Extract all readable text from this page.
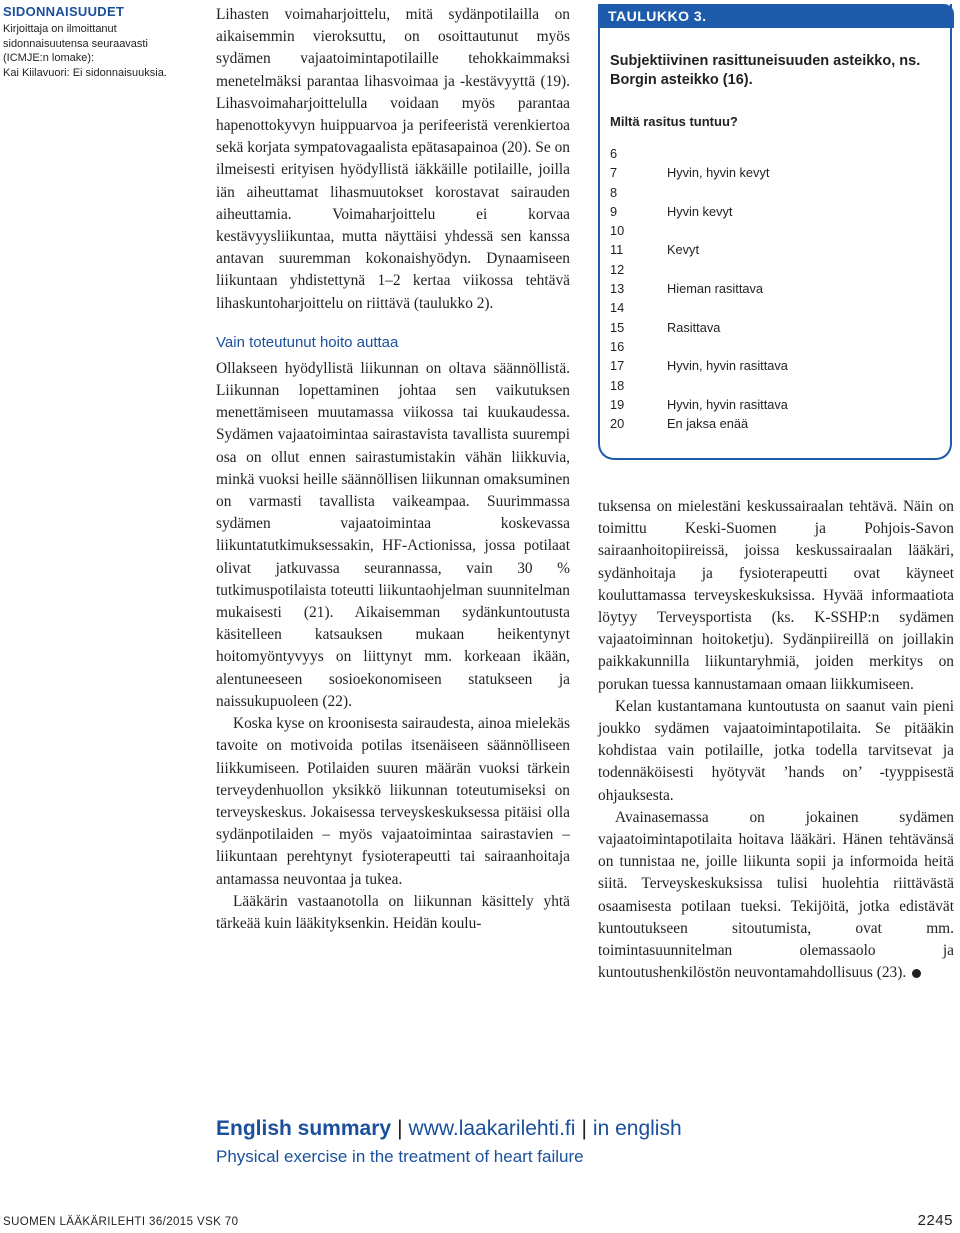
SIDONNAISUUDET
Kirjoittaja on ilmoittanut
sidonnaisuutensa seuraavasti
(ICMJE:n lomake):
Kai Kiilavuori: Ei sidonnaisuuksia.

Lihasten voimaharjoittelu, mitä sydänpotilailla on aikaisemmin vieroksuttu, on osoittautunut myös sydämen vajaatoimintapotilaille tehokkaimmaksi menetelmäksi parantaa lihasvoimaa ja -kestävyyttä (19). Lihasvoimaharjoittelulla voidaan myös parantaa hapenottokyvyn huippuarvoa ja perifeeristä verenkiertoa sekä korjata sympatovagaalista epätasapainoa (20). Se on ilmeisesti erityisen hyödyllistä iäkkäille potilaille, joilla iän aiheuttamat lihasmuutokset korostavat sairauden aiheuttamia. Voimaharjoittelu ei korvaa kestävyysliikuntaa, mutta näyttäisi yhdessä sen kanssa antavan suuremman kokonaishyödyn. Dynaamiseen liikuntaan yhdistettynä 1–2 kertaa viikossa tehtävä lihaskuntoharjoittelu on riittävä (taulukko 2).

Vain toteutunut hoito auttaa

Ollakseen hyödyllistä liikunnan on oltava säännöllistä. Liikunnan lopettaminen johtaa sen vaikutuksen menettämiseen muutamassa viikossa tai kuukaudessa. Sydämen vajaatoimintaa sairastavista tavallista suurempi osa on ollut ennen sairastumistakin vähän liikkuvia, minkä vuoksi heille säännöllisen liikunnan omaksuminen on varmasti tavallista vaikeampaa. Suurimmassa sydämen vajaatoimintaa koskevassa liikuntatutkimuksessakin, HF-Actionissa, jossa potilaat olivat jatkuvassa seurannassa, vain 30 % tutkimuspotilaista toteutti liikuntaohjelman suunnitelman mukaisesti (21). Aikaisemman sydänkuntoutusta käsitelleen katsauksen mukaan heikentynyt hoitomyöntyvyys on liittynyt mm. korkeaan ikään, alentuneeseen sosioekonomiseen statukseen ja naissukupuoleen (22).

Koska kyse on kroonisesta sairaudesta, ainoa mielekäs tavoite on motivoida potilas itsenäiseen säännölliseen liikkumiseen. Potilaiden suuren määrän vuoksi tärkein terveydenhuollon yksikkö liikunnan toteutumiseksi on terveyskeskus. Jokaisessa terveyskeskuksessa pitäisi olla sydänpotilaiden – myös vajaatoimintaa sairastavien – liikuntaan perehtynyt fysioterapeutti tai sairaanhoitaja antamassa neuvontaa ja tukea.

Lääkärin vastaanotolla on liikunnan käsittely yhtä tärkeää kuin lääkityksenkin. Heidän koulu-

TAULUKKO 3.
Subjektiivinen rasittuneisuuden asteikko, ns. Borgin asteikko (16).
Miltä rasitus tuntuu?
6
7	Hyvin, hyvin kevyt
8
9	Hyvin kevyt
10
11	Kevyt
12
13	Hieman rasittava
14
15	Rasittava
16
17	Hyvin, hyvin rasittava
18
19	Hyvin, hyvin rasittava
20	En jaksa enää

tuksensa on mielestäni keskussairaalan tehtävä. Näin on toimittu Keski-Suomen ja Pohjois-Savon sairaanhoitopiireissä, joissa keskussairaalan lääkäri, sydänhoitaja ja fysioterapeutti ovat käyneet kouluttamassa terveyskeskuksissa. Hyvää informaatiota löytyy Terveysportista (ks. K-SSHP:n sydämen vajaatoiminnan hoitoketju). Sydänpiireillä on joillakin paikkakunnilla liikuntaryhmiä, joiden merkitys on porukan tuessa kannustamaan omaan liikkumiseen.

Kelan kustantamana kuntoutusta on saanut vain pieni joukko sydämen vajaatoimintapotilaita. Se pitääkin kohdistaa vain potilaille, jotka todella tarvitsevat ja todennäköisesti hyötyvät ’hands on’ -tyyppisestä ohjauksesta.

Avainasemassa on jokainen sydämen vajaatoimintapotilaita hoitava lääkäri. Hänen tehtävänsä on tunnistaa ne, joille liikunta sopii ja informoida heitä siitä. Terveyskeskuksissa tulisi huolehtia riittävästä osaamisesta potilaan tueksi. Tekijöitä, jotka edistävät kuntoutukseen sitoutumista, ovat mm. toimintasuunnitelman olemassaolo ja kuntoutushenkilöstön neuvontamahdollisuus (23).

English summary | www.laakarilehti.fi | in english
Physical exercise in the treatment of heart failure
SUOMEN LÄÄKÄRILEHTI 36/2015 VSK 70	2245
